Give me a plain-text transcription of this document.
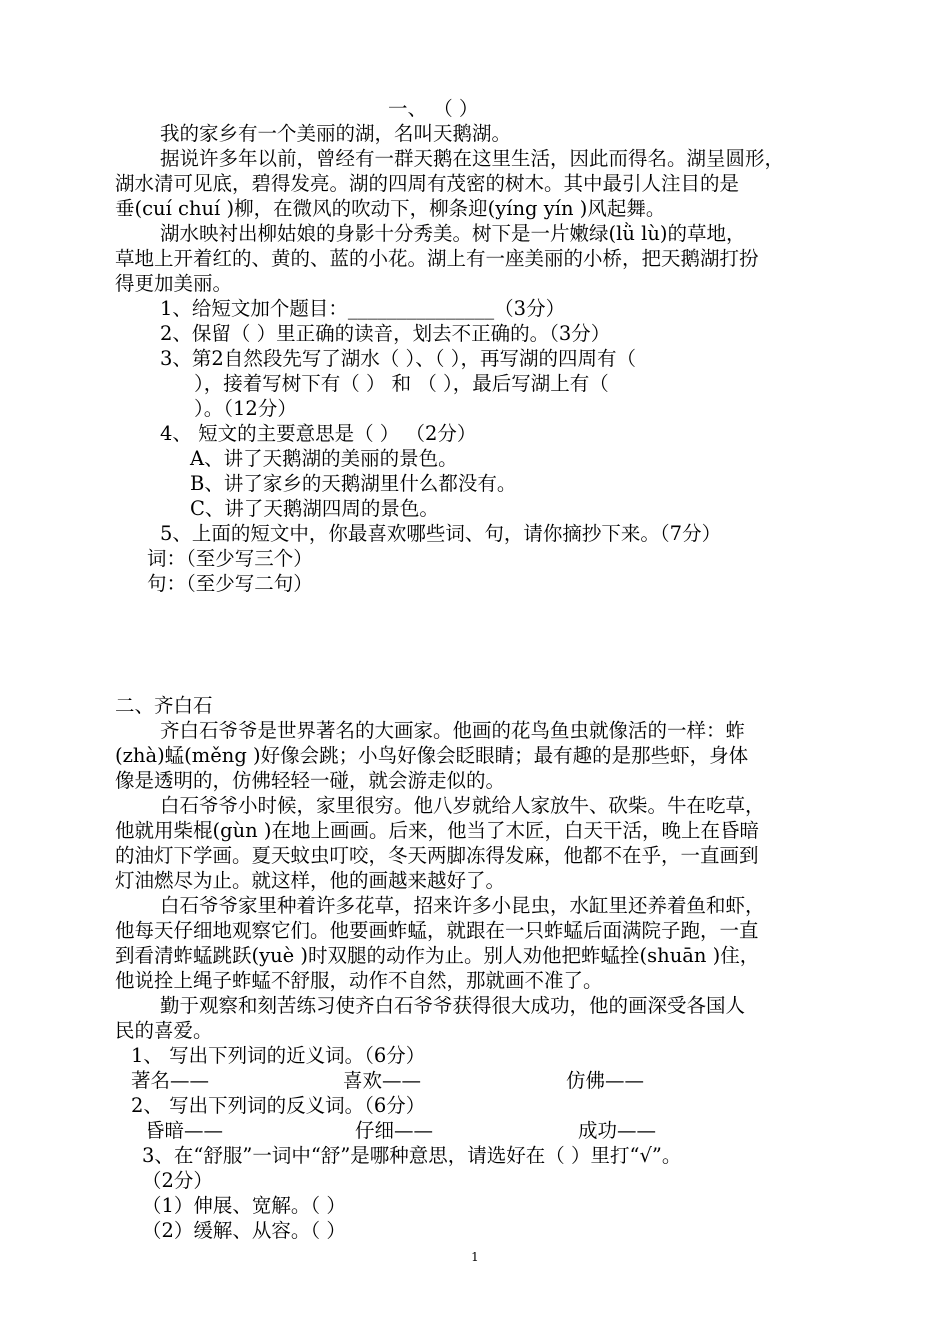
一、 （ ）
我的家乡有一个美丽的湖，名叫天鹅湖。
据说许多年以前，曾经有一群天鹅在这里生活，因此而得名。湖呈圆形，
湖水清可见底，碧得发亮。湖的四周有茂密的树木。其中最引人注目的是
垂(cuí chuí )柳，在微风的吹动下，柳条迎(yíng yín )风起舞。
湖水映衬出柳姑娘的身影十分秀美。树下是一片嫩绿(lǜ lù)的草地，
草地上开着红的、黄的、蓝的小花。湖上有一座美丽的小桥，把天鹅湖打扮
得更加美丽。
1、给短文加个题目：_______________（3分）
2、保留（ ）里正确的读音，划去不正确的。（3分）
3、第2自然段先写了湖水（ ）、（ ），再写湖的四周有（
），接着写树下有（ ） 和 （ ），最后写湖上有（
）。（12分）
4、 短文的主要意思是（ ） （2分）
A、讲了天鹅湖的美丽的景色。
B、讲了家乡的天鹅湖里什么都没有。
C、讲了天鹅湖四周的景色。
5、上面的短文中，你最喜欢哪些词、句，请你摘抄下来。（7分）
词：（至少写三个）
句：（至少写二句）
二、齐白石
齐白石爷爷是世界著名的大画家。他画的花鸟鱼虫就像活的一样：蚱
(zhà)蜢(měng )好像会跳；小鸟好像会眨眼睛；最有趣的是那些虾，身体
像是透明的，仿佛轻轻一碰，就会游走似的。
白石爷爷小时候，家里很穷。他八岁就给人家放牛、砍柴。牛在吃草，
他就用柴棍(gùn )在地上画画。后来，他当了木匠，白天干活，晚上在昏暗
的油灯下学画。夏天蚊虫叮咬，冬天两脚冻得发麻，他都不在乎，一直画到
灯油燃尽为止。就这样，他的画越来越好了。
白石爷爷家里种着许多花草，招来许多小昆虫，水缸里还养着鱼和虾，
他每天仔细地观察它们。他要画蚱蜢，就跟在一只蚱蜢后面满院子跑，一直
到看清蚱蜢跳跃(yuè )时双腿的动作为止。别人劝他把蚱蜢拴(shuān )住，
他说拴上绳子蚱蜢不舒服，动作不自然，那就画不准了。
勤于观察和刻苦练习使齐白石爷爷获得很大成功，他的画深受各国人
民的喜爱。
1、 写出下列词的近义词。（6分）
著名——	喜欢——	仿佛——
2、 写出下列词的反义词。（6分）
昏暗——	仔细——	成功——
3、在“舒服”一词中“舒”是哪种意思，请选好在（ ）里打“√”。
（2分）
（1）伸展、宽解。（ ）
（2）缓解、从容。（ ）
1
